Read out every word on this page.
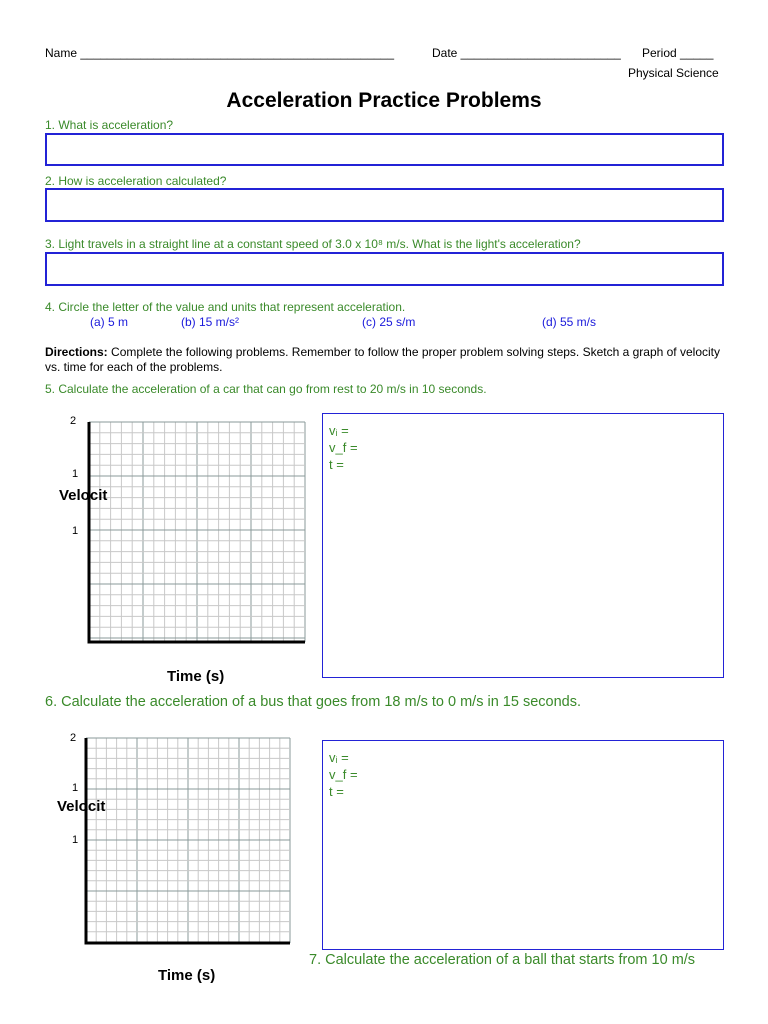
Name _______________________________________________	Date ________________________ Period _____
Physical Science
Acceleration Practice Problems
1. What is acceleration?
2. How is acceleration calculated?
3. Light travels in a straight line at a constant speed of 3.0 x 10⁸ m/s. What is the light's acceleration?
4. Circle the letter of the value and units that represent acceleration.
(a) 5 m	(b) 15 m/s²	(c) 25 s/m	(d) 55 m/s
Directions: Complete the following problems. Remember to follow the proper problem solving steps. Sketch a graph of velocity vs. time for each of the problems.
5. Calculate the acceleration of a car that can go from rest to 20 m/s in 10 seconds.
2
1
1
Velocit
Time (s)
vᵢ =
v_f =
t =
6. Calculate the acceleration of a bus that goes from 18 m/s to 0 m/s in 15 seconds.
2
1
1
Velocit
Time (s)
vᵢ =
v_f =
t =
7. Calculate the acceleration of a ball that starts from 10 m/s
